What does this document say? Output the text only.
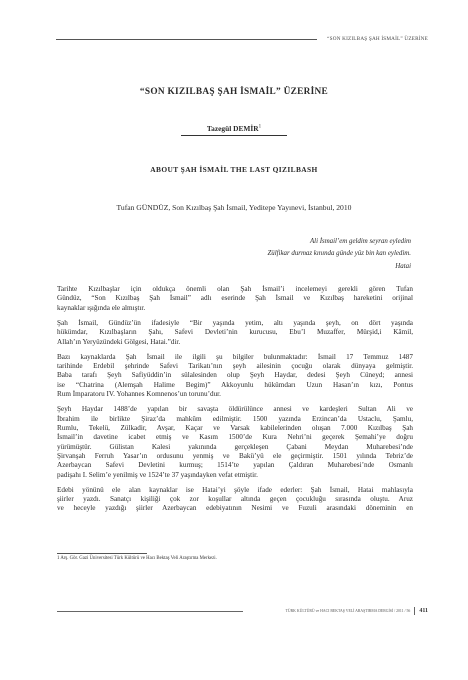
“SON KIZILBAŞ ŞAH İSMAİL” ÜZERİNE
“SON KIZILBAŞ ŞAH İSMAİL” ÜZERİNE
Tazegül DEMİR$^1$
ABOUT ŞAH İSMAİL THE LAST QIZILBASH
Tufan GÜNDÜZ, Son Kızılbaş Şah İsmail, Yeditepe Yayınevi, İstanbul, 2010
Ali İsmail’em geldim seyran eyledim
Zülfikar durmaz kınında günde yüz bin kan eyledim.
Hatai

Tarihte Kızılbaşlar için oldukça önemli olan Şah İsmail’i incelemeyi gerekli gören Tufan
Gündüz, “Son Kızılbaş Şah İsmail” adlı eserinde Şah İsmail ve Kızılbaş hareketini orijinal
kaynaklar ışığında ele almıştır.

Şah İsmail, Gündüz’ün ifadesiyle “Bir yaşında yetim, altı yaşında şeyh, on dört yaşında
hükümdar, Kızılbaşların Şahı, Safevi Devleti’nin kurucusu, Ebu’l Muzaffer, Mürşid,i Kâmil,
Allah’ın Yeryüzündeki Gölgesi, Hatai.”dir.

Bazı kaynaklarda Şah İsmail ile ilgili şu bilgiler bulunmaktadır: İsmail 17 Temmuz 1487
tarihinde Erdebil şehrinde Safevi Tarikatı’nın şeyh ailesinin çocuğu olarak dünyaya gelmiştir.
Baba tarafı Şeyh Safiyüddin’in sülalesinden olup Şeyh Haydar, dedesi Şeyh Cüneyd; annesi
ise “Chatrina (Alemşah Halime Begim)” Akkoyunlu hükümdarı Uzun Hasan’ın kızı, Pontus
Rum İmparatoru IV. Yohannes Komnenos’un torunu’dur.

Şeyh Haydar 1488’de yapılan bir savaşta öldürülünce annesi ve kardeşleri Sultan Ali ve
İbrahim ile birlikte Şiraz’da mahkûm edilmiştir. 1500 yazında Erzincan’da Ustaclu, Şamlu,
Rumlu, Tekelü, Zülkadir, Avşar, Kaçar ve Varsak kabilelerinden oluşan 7.000 Kızılbaş Şah
İsmail’in davetine icabet etmiş ve Kasım 1500’de Kura Nehri’ni geçerek Şemahi’ye doğru
yürümüştür. Gülistan Kalesi yakınında gerçekleşen Çabani Meydan Muharebesi’nde
Şirvanşah Ferruh Yasar’ın ordusunu yenmiş ve Bakü’yü ele geçirmiştir. 1501 yılında Tebriz’de
Azerbaycan Safevi Devletini kurmuş; 1514’te yapılan Çaldıran Muharebesi’nde Osmanlı
padişahı I. Selim’e yenilmiş ve 1524’te 37 yaşındayken vefat etmiştir.

Edebi yönünü ele alan kaynaklar ise Hatai’yi şöyle ifade ederler: Şah İsmail, Hatai mahlasıyla
şiirler yazdı. Sanatçı kişiliği çok zor koşullar altında geçen çocukluğu sırasında oluştu. Aruz
ve heceyle yazdığı şiirler Azerbaycan edebiyatının Nesimi ve Fuzuli arasındaki döneminin en

1 Arş. Gör. Gazi Üniversitesi Türk Kültürü ve Hacı Bektaş Veli Araştırma Merkezi.
TÜRK KÜLTÜRÜ ve HACI BEKTAŞ VELİ ARAŞTIRMA DERGİSİ / 2011 / 56 411
